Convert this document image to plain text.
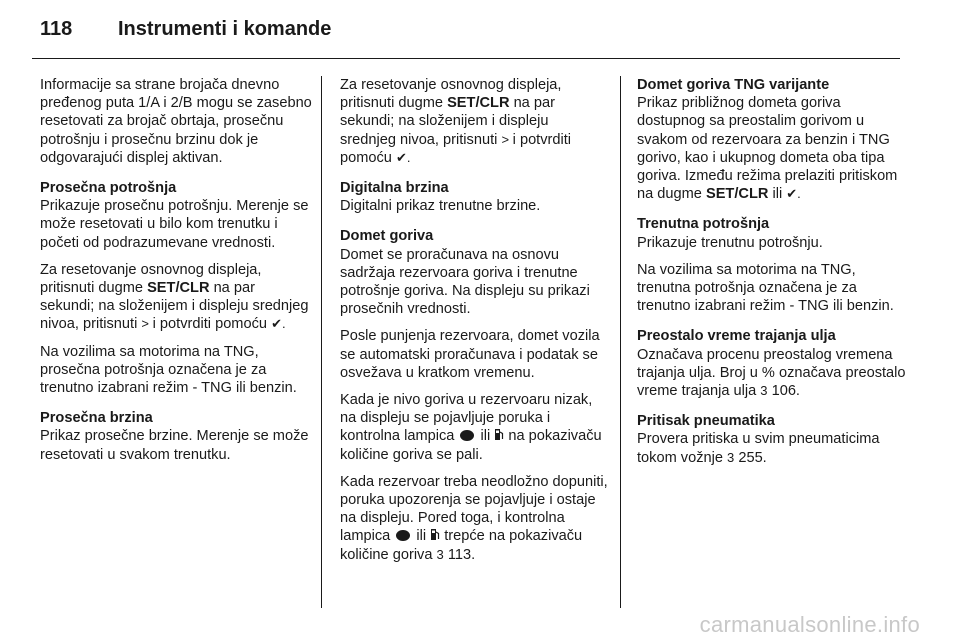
118	Instrumenti i komande

Informacije sa strane brojača dnevno pređenog puta 1/A i 2/B mogu se zasebno resetovati za brojač obrtaja, prosečnu potrošnju i prosečnu brzinu dok je odgovarajući displej aktivan.

Prosečna potrošnja

Prikazuje prosečnu potrošnju. Merenje se može resetovati u bilo kom trenutku i početi od podrazumevane vrednosti.

Za resetovanje osnovnog displeja, pritisnuti dugme SET/CLR na par sekundi; na složenijem i displeju srednjeg nivoa, pritisnuti > i potvrditi pomoću ✔.

Na vozilima sa motorima na TNG, prosečna potrošnja označena je za trenutno izabrani režim - TNG ili benzin.

Prosečna brzina

Prikaz prosečne brzine. Merenje se može resetovati u svakom trenutku.

Za resetovanje osnovnog displeja, pritisnuti dugme SET/CLR na par sekundi; na složenijem i displeju srednjeg nivoa, pritisnuti > i potvrditi pomoću ✔.

Digitalna brzina

Digitalni prikaz trenutne brzine.

Domet goriva

Domet se proračunava na osnovu sadržaja rezervoara goriva i trenutne potrošnje goriva. Na displeju su prikazi prosečnih vrednosti.

Posle punjenja rezervoara, domet vozila se automatski proračunava i podatak se osvežava u kratkom vremenu.

Kada je nivo goriva u rezervoaru nizak, na displeju se pojavljuje poruka i kontrolna lampica  ili  na pokazivaču količine goriva se pali.

Kada rezervoar treba neodložno dopuniti, poruka upozorenja se pojavljuje i ostaje na displeju. Pored toga, i kontrolna lampica  ili  trepće na pokazivaču količine goriva 3 113.

Domet goriva TNG varijante

Prikaz približnog dometa goriva dostupnog sa preostalim gorivom u svakom od rezervoara za benzin i TNG gorivo, kao i ukupnog dometa oba tipa goriva. Između režima prelaziti pritiskom na dugme SET/CLR ili ✔.

Trenutna potrošnja

Prikazuje trenutnu potrošnju.

Na vozilima sa motorima na TNG, trenutna potrošnja označena je za trenutno izabrani režim - TNG ili benzin.

Preostalo vreme trajanja ulja

Označava procenu preostalog vremena trajanja ulja. Broj u % označava preostalo vreme trajanja ulja 3 106.

Pritisak pneumatika

Provera pritiska u svim pneumaticima tokom vožnje 3 255.

carmanualsonline.info
